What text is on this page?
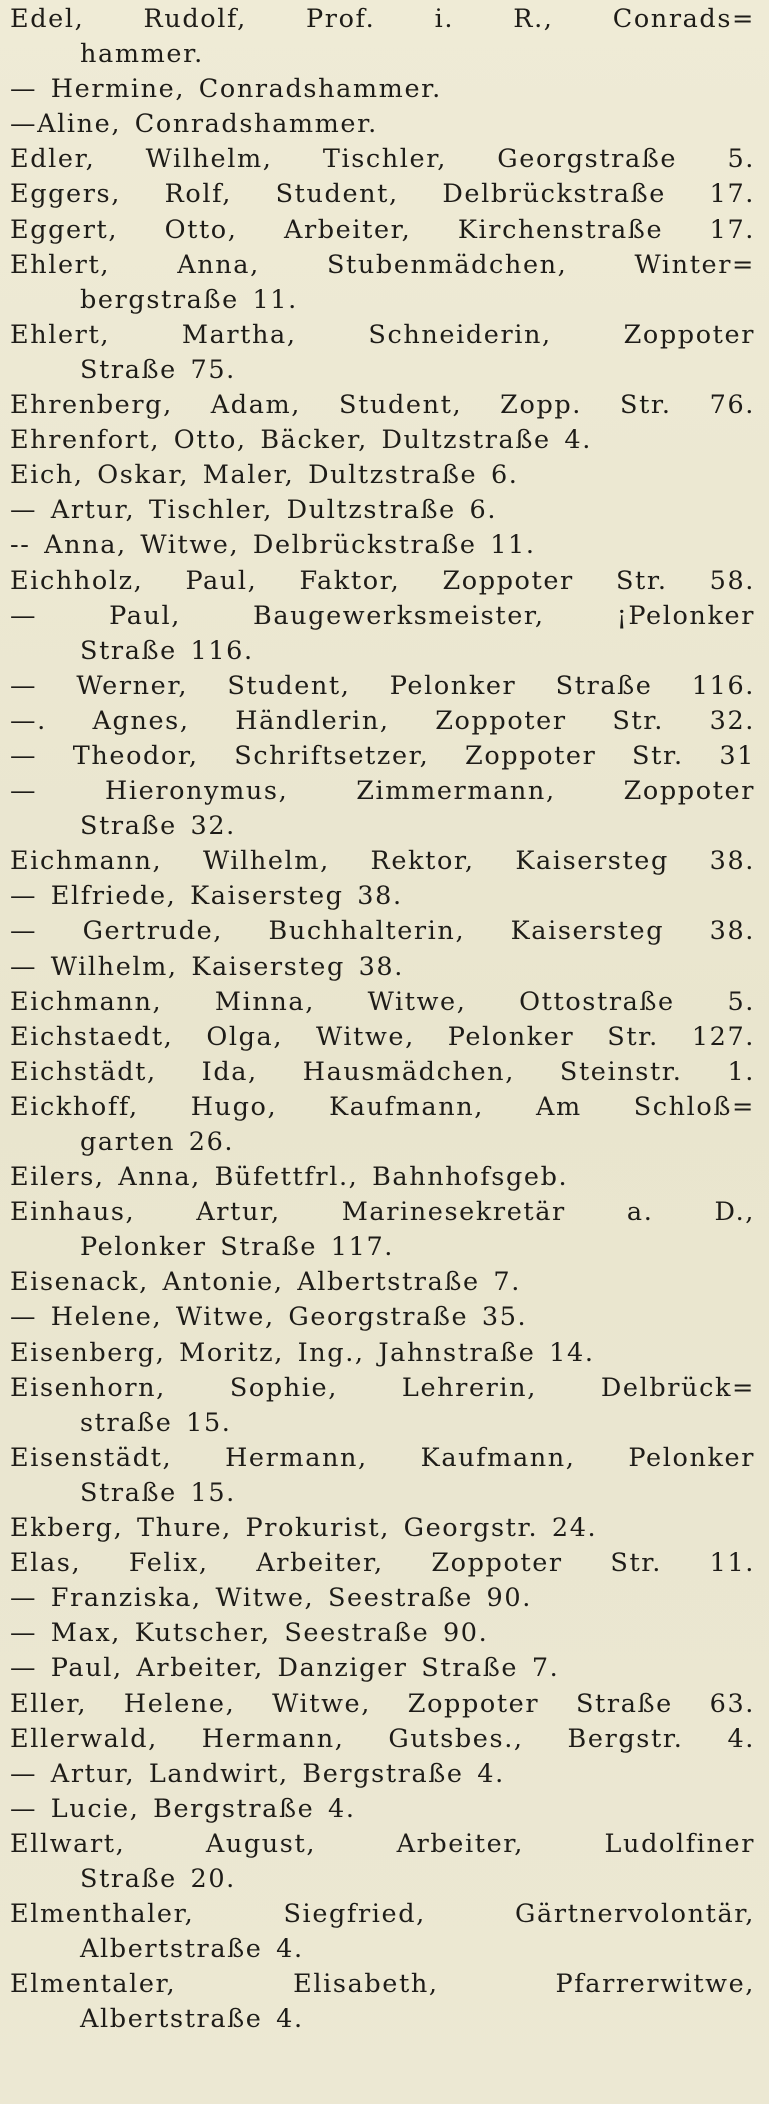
Edel, Rudolf, Prof. i. R., Conrads=
hammer.
— Hermine, Conradshammer.
—Aline, Conradshammer.
Edler, Wilhelm, Tischler, Georgstraße 5.
Eggers, Rolf, Student, Delbrückstraße 17.
Eggert, Otto, Arbeiter, Kirchenstraße 17.
Ehlert, Anna, Stubenmädchen, Winter=
bergstraße 11.
Ehlert, Martha, Schneiderin, Zoppoter
Straße 75.
Ehrenberg, Adam, Student, Zopp. Str. 76.
Ehrenfort, Otto, Bäcker, Dultzstraße 4.
Eich, Oskar, Maler, Dultzstraße 6.
— Artur, Tischler, Dultzstraße 6.
-- Anna, Witwe, Delbrückstraße 11.
Eichholz, Paul, Faktor, Zoppoter Str. 58.
— Paul, Baugewerksmeister, ¡Pelonker
Straße 116.
— Werner, Student, Pelonker Straße 116.
—. Agnes, Händlerin, Zoppoter Str. 32.
— Theodor, Schriftsetzer, Zoppoter Str. 31
— Hieronymus, Zimmermann, Zoppoter
Straße 32.
Eichmann, Wilhelm, Rektor, Kaisersteg 38.
— Elfriede, Kaisersteg 38.
— Gertrude, Buchhalterin, Kaisersteg 38.
— Wilhelm, Kaisersteg 38.
Eichmann, Minna, Witwe, Ottostraße 5.
Eichstaedt, Olga, Witwe, Pelonker Str. 127.
Eichstädt, Ida, Hausmädchen, Steinstr. 1.
Eickhoff, Hugo, Kaufmann, Am Schloß=
garten 26.
Eilers, Anna, Büfettfrl., Bahnhofsgeb.
Einhaus, Artur, Marinesekretär a. D.,
Pelonker Straße 117.
Eisenack, Antonie, Albertstraße 7.
— Helene, Witwe, Georgstraße 35.
Eisenberg, Moritz, Ing., Jahnstraße 14.
Eisenhorn, Sophie, Lehrerin, Delbrück=
straße 15.
Eisenstädt, Hermann, Kaufmann, Pelonker
Straße 15.
Ekberg, Thure, Prokurist, Georgstr. 24.
Elas, Felix, Arbeiter, Zoppoter Str. 11.
— Franziska, Witwe, Seestraße 90.
— Max, Kutscher, Seestraße 90.
— Paul, Arbeiter, Danziger Straße 7.
Eller, Helene, Witwe, Zoppoter Straße 63.
Ellerwald, Hermann, Gutsbes., Bergstr. 4.
— Artur, Landwirt, Bergstraße 4.
— Lucie, Bergstraße 4.
Ellwart, August, Arbeiter, Ludolfiner
Straße 20.
Elmenthaler, Siegfried, Gärtnervolontär,
Albertstraße 4.
Elmentaler, Elisabeth, Pfarrerwitwe,
Albertstraße 4.
